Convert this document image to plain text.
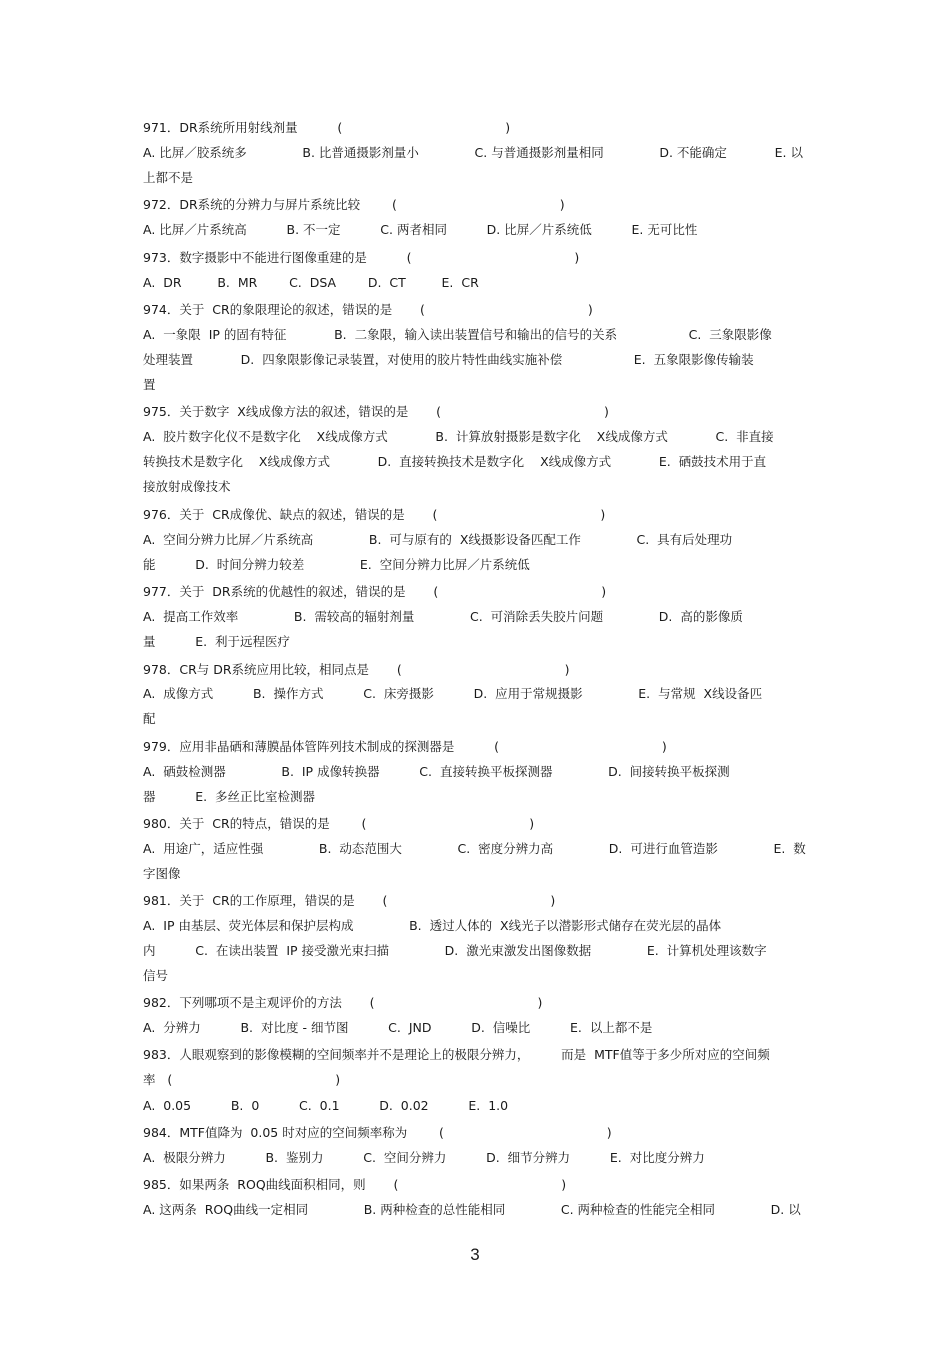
971．DR系统所用射线剂量          (                                         )
A. 比屏／胶系统多              B. 比普通摄影剂量小              C. 与普通摄影剂量相同              D. 不能确定            E. 以
上都不是
972．DR系统的分辨力与屏片系统比较        (                                         )
A. 比屏／片系统高          B. 不一定          C. 两者相同          D. 比屏／片系统低          E. 无可比性
973．数字摄影中不能进行图像重建的是          (                                         )
A.  DR         B.  MR        C.  DSA        D.  CT         E.  CR
974．关于  CR的象限理论的叙述，错误的是       (                                         )
A.  一象限  IP 的固有特征            B.  二象限，输入读出装置信号和输出的信号的关系                  C.  三象限影像
处理装置            D.  四象限影像记录装置，对使用的胶片特性曲线实施补偿                  E.  五象限影像传输装
置
975．关于数字  X线成像方法的叙述，错误的是       (                                         )
A.  胶片数字化仪不是数字化    X线成像方式            B.  计算放射摄影是数字化    X线成像方式            C.  非直接
转换技术是数字化    X线成像方式            D.  直接转换技术是数字化    X线成像方式            E.  硒鼓技术用于直
接放射成像技术
976．关于  CR成像优、缺点的叙述，错误的是       (                                         )
A.  空间分辨力比屏／片系统高              B.  可与原有的  X线摄影设备匹配工作              C.  具有后处理功
能          D.  时间分辨力较差              E.  空间分辨力比屏／片系统低
977．关于  DR系统的优越性的叙述，错误的是       (                                         )
A.  提高工作效率              B.  需较高的辐射剂量              C.  可消除丢失胶片问题              D.  高的影像质
量          E.  利于远程医疗
978．CR与 DR系统应用比较，相同点是       (                                         )
A.  成像方式          B.  操作方式          C.  床旁摄影          D.  应用于常规摄影              E.  与常规  X线设备匹
配
979．应用非晶硒和薄膜晶体管阵列技术制成的探测器是          (                                         )
A.  硒鼓检测器              B.  IP 成像转换器          C.  直接转换平板探测器              D.  间接转换平板探测
器          E.  多丝正比室检测器
980．关于  CR的特点，错误的是        (                                         )
A.  用途广，适应性强              B.  动态范围大              C.  密度分辨力高              D.  可进行血管造影              E.  数
字图像
981．关于  CR的工作原理，错误的是       (                                         )
A.  IP 由基层、荧光体层和保护层构成              B.  透过人体的  X线光子以潜影形式储存在荧光层的晶体
内          C.  在读出装置  IP 接受激光束扫描              D.  激光束激发出图像数据              E.  计算机处理该数字
信号
982．下列哪项不是主观评价的方法       (                                         )
A.  分辨力          B.  对比度 - 细节图          C.  JND          D.  信噪比          E.  以上都不是
983．人眼观察到的影像模糊的空间频率并不是理论上的极限分辨力，        而是  MTF值等于多少所对应的空间频
率   (                                         )
A.  0.05          B.  0          C.  0.1          D.  0.02          E.  1.0
984．MTF值降为  0.05 时对应的空间频率称为        (                                         )
A.  极限分辨力          B.  鉴别力          C.  空间分辨力          D.  细节分辨力          E.  对比度分辨力
985．如果两条  ROQ曲线面积相同，则       (                                         )
A. 这两条  ROQ曲线一定相同              B. 两种检查的总性能相同              C. 两种检查的性能完全相同              D. 以
3
